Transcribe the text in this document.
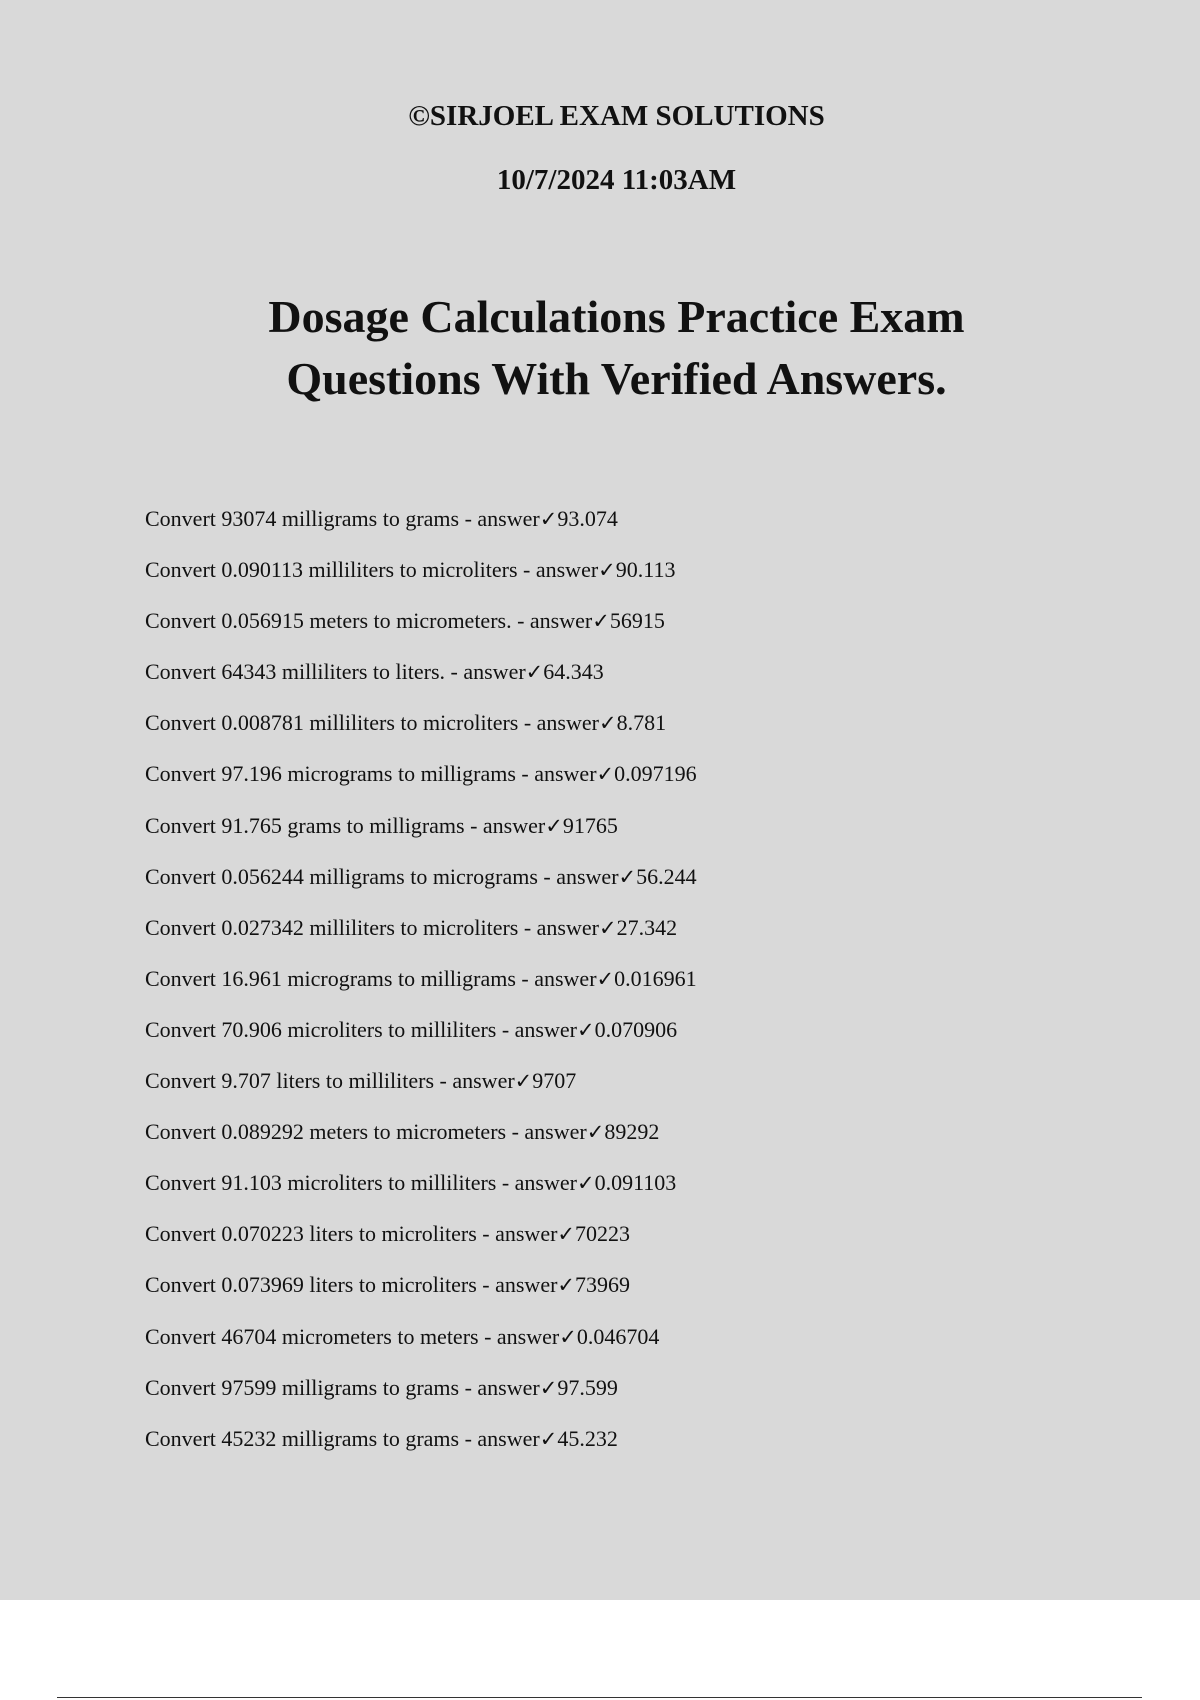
©SIRJOEL EXAM SOLUTIONS

10/7/2024 11:03AM

Dosage Calculations Practice Exam
Questions With Verified Answers.
Convert 93074 milligrams to grams - answer✓93.074
Convert 0.090113 milliliters to microliters - answer✓90.113
Convert 0.056915 meters to micrometers. - answer✓56915
Convert 64343 milliliters to liters. - answer✓64.343
Convert 0.008781 milliliters to microliters - answer✓8.781
Convert 97.196 micrograms to milligrams - answer✓0.097196
Convert 91.765 grams to milligrams - answer✓91765
Convert 0.056244 milligrams to micrograms - answer✓56.244
Convert 0.027342 milliliters to microliters - answer✓27.342
Convert 16.961 micrograms to milligrams - answer✓0.016961
Convert 70.906 microliters to milliliters - answer✓0.070906
Convert 9.707 liters to milliliters - answer✓9707
Convert 0.089292 meters to micrometers - answer✓89292
Convert 91.103 microliters to milliliters - answer✓0.091103
Convert 0.070223 liters to microliters - answer✓70223
Convert 0.073969 liters to microliters - answer✓73969
Convert 46704 micrometers to meters - answer✓0.046704
Convert 97599 milligrams to grams - answer✓97.599
Convert 45232 milligrams to grams - answer✓45.232
